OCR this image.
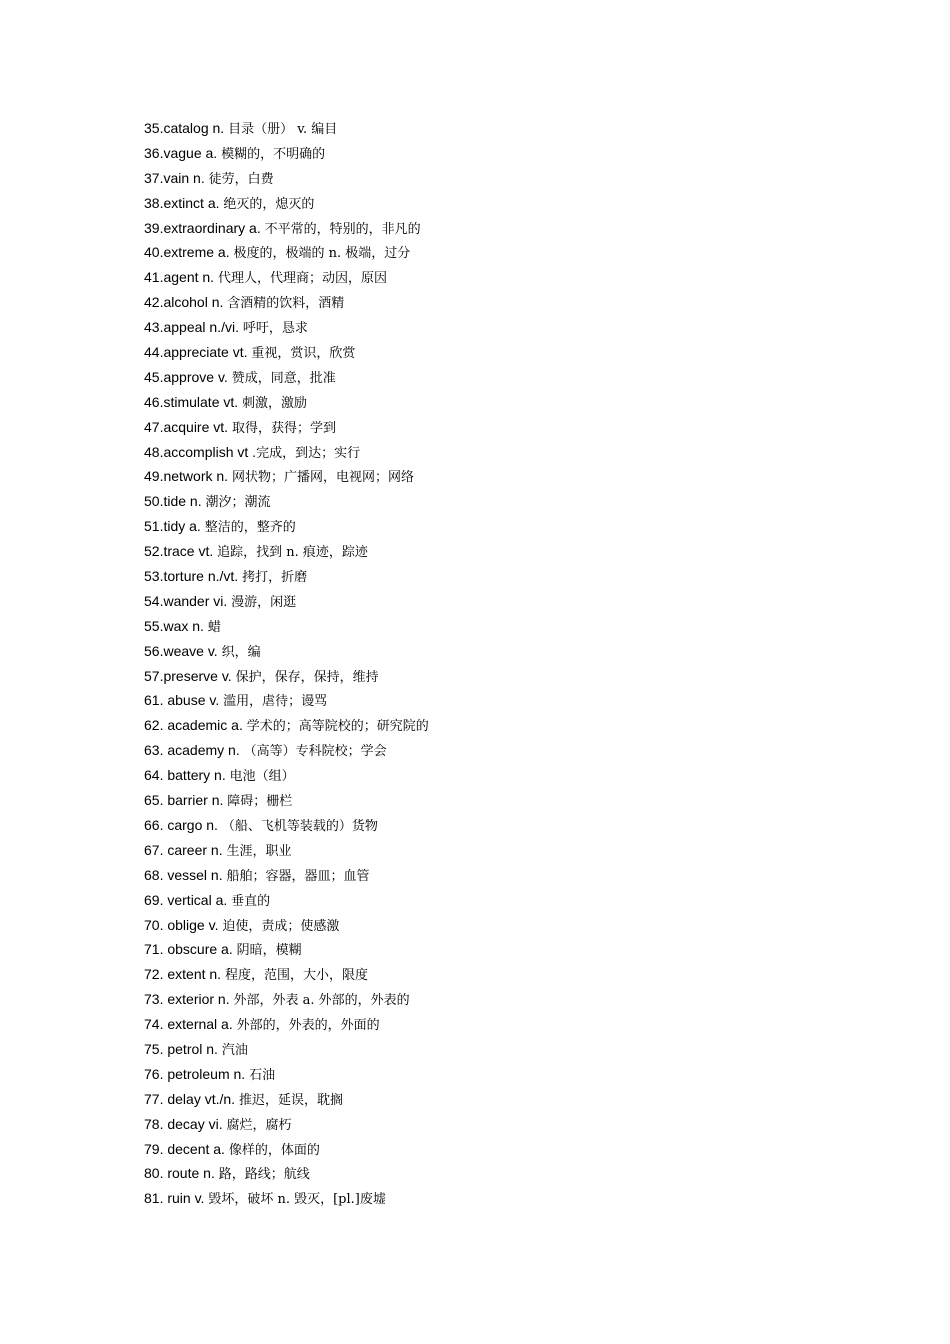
35.catalog n. 目录（册） v. 编目
36.vague a. 模糊的，不明确的
37.vain n. 徒劳，白费
38.extinct a. 绝灭的，熄灭的
39.extraordinary a. 不平常的，特别的，非凡的
40.extreme a. 极度的，极端的 n. 极端，过分
41.agent n. 代理人，代理商；动因，原因
42.alcohol n. 含酒精的饮料，酒精
43.appeal n./vi. 呼吁，恳求
44.appreciate vt. 重视，赏识，欣赏
45.approve v. 赞成，同意，批准
46.stimulate vt. 刺激，激励
47.acquire vt. 取得，获得；学到
48.accomplish vt .完成，到达；实行
49.network n. 网状物；广播网，电视网；网络
50.tide n. 潮汐；潮流
51.tidy a. 整洁的，整齐的
52.trace vt. 追踪，找到 n. 痕迹，踪迹
53.torture n./vt. 拷打，折磨
54.wander vi. 漫游，闲逛
55.wax n. 蜡
56.weave v. 织，编
57.preserve v. 保护，保存，保持，维持
61. abuse v. 滥用，虐待；谩骂
62. academic a. 学术的；高等院校的；研究院的
63. academy n. （高等）专科院校；学会
64. battery n. 电池（组）
65. barrier n. 障碍；栅栏
66. cargo n. （船、飞机等装载的）货物
67. career n. 生涯，职业
68. vessel n. 船舶；容器，器皿；血管
69. vertical a. 垂直的
70. oblige v. 迫使，责成；使感激
71. obscure a. 阴暗，模糊
72. extent n. 程度，范围，大小，限度
73. exterior n. 外部，外表 a. 外部的，外表的
74. external a. 外部的，外表的，外面的
75. petrol n. 汽油
76. petroleum n. 石油
77. delay vt./n. 推迟，延误，耽搁
78. decay vi. 腐烂，腐朽
79. decent a. 像样的，体面的
80. route n. 路，路线；航线
81. ruin v. 毁坏，破坏 n. 毁灭，[pl.]废墟
